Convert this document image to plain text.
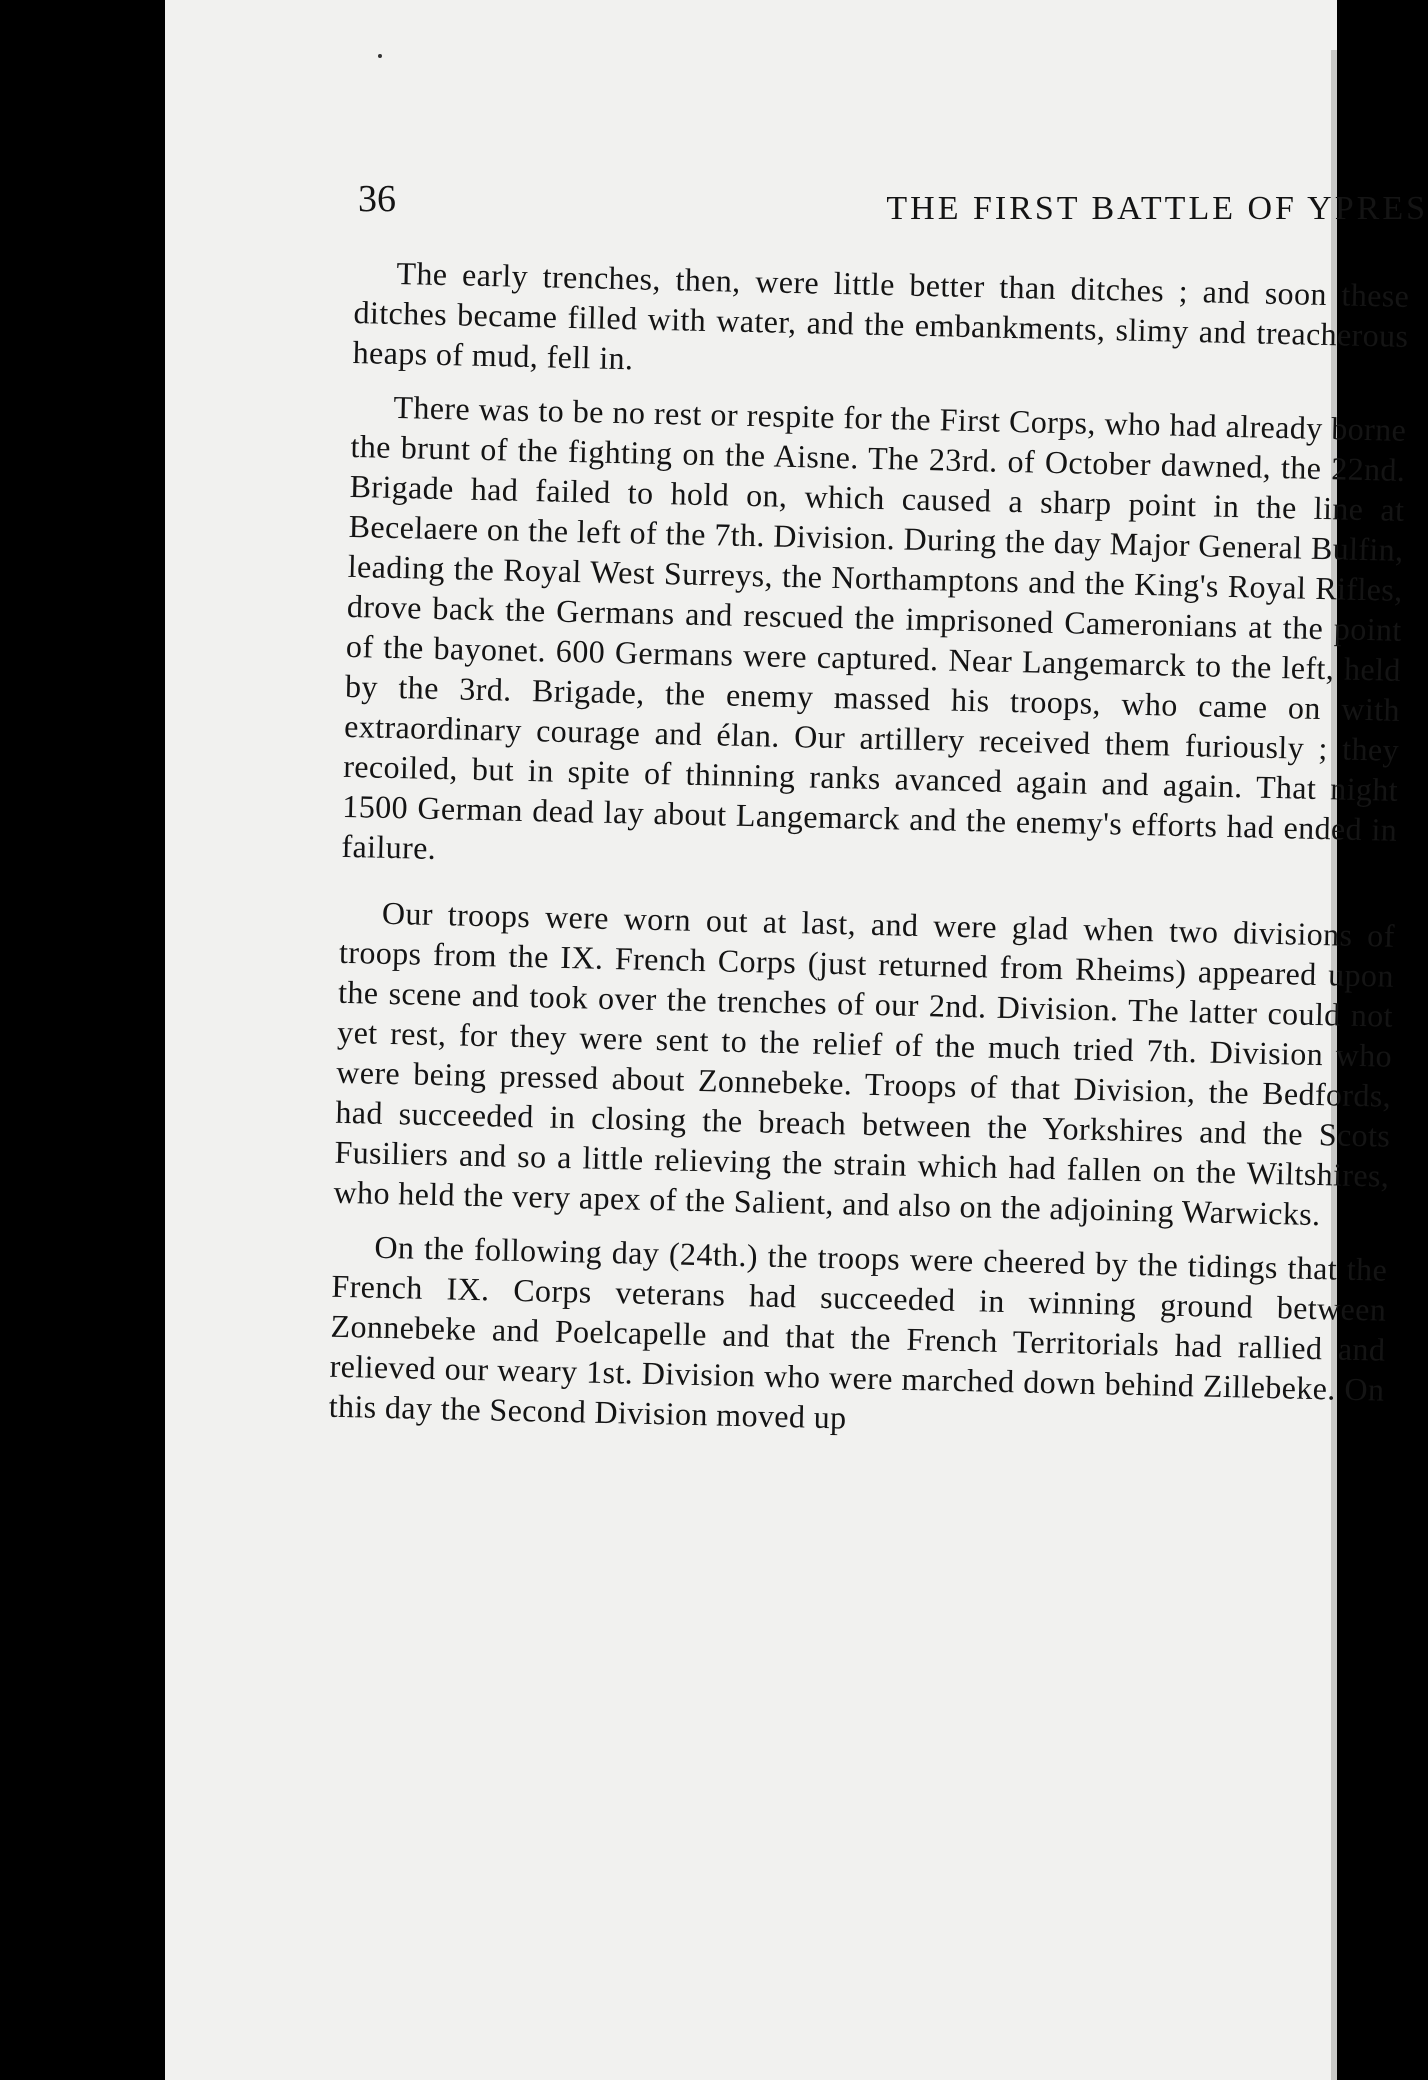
36	THE FIRST BATTLE OF YPRES

The early trenches, then, were little better than ditches ; and soon these ditches became filled with water, and the embankments, slimy and treacherous heaps of mud, fell in.

There was to be no rest or respite for the First Corps, who had already borne the brunt of the fighting on the Aisne. The 23rd. of October dawned, the 22nd. Brigade had failed to hold on, which caused a sharp point in the line at Becelaere on the left of the 7th. Division. During the day Major General Bulfin, leading the Royal West Surreys, the Northamptons and the King's Royal Rifles, drove back the Germans and rescued the imprisoned Cameronians at the point of the bayonet. 600 Germans were captured. Near Langemarck to the left, held by the 3rd. Brigade, the enemy massed his troops, who came on with extraordinary courage and élan. Our artillery received them furiously ; they recoiled, but in spite of thinning ranks avanced again and again. That night 1500 German dead lay about Langemarck and the enemy's efforts had ended in failure.

Our troops were worn out at last, and were glad when two divisions of troops from the IX. French Corps (just returned from Rheims) appeared upon the scene and took over the trenches of our 2nd. Division. The latter could not yet rest, for they were sent to the relief of the much tried 7th. Division who were being pressed about Zonnebeke. Troops of that Division, the Bedfords, had succeeded in closing the breach between the Yorkshires and the Scots Fusiliers and so a little relieving the strain which had fallen on the Wiltshires, who held the very apex of the Salient, and also on the adjoining Warwicks.

On the following day (24th.) the troops were cheered by the tidings that the French IX. Corps veterans had succeeded in winning ground between Zonnebeke and Poelcapelle and that the French Territorials had rallied and relieved our weary 1st. Division who were marched down behind Zillebeke. On this day the Second Division moved up
